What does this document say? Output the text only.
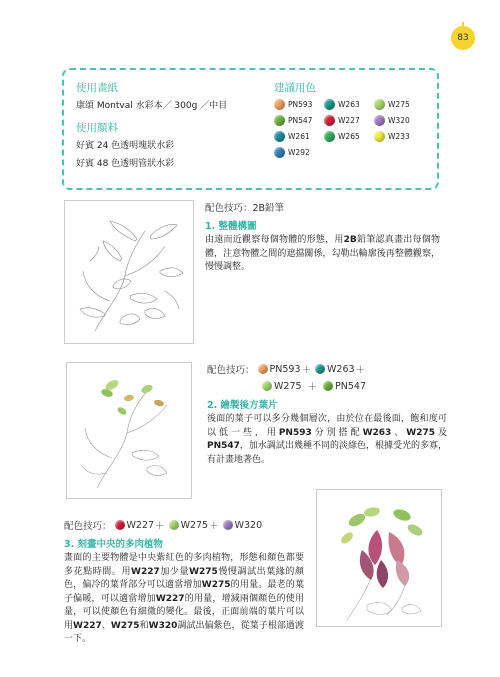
83
使用畫紙
康頌 Montval 水彩本／ 300g ／中目
使用顏料
好賓 24 色透明塊狀水彩
好賓 48 色透明管狀水彩
建議用色
PN593	W263	W275
PN547	W227	W320
W261	W265	W233
W292
配色技巧：2B鉛筆
1. 整體構圖
由遠而近觀察每個物體的形態，用2B鉛筆認真畫出每個物體，注意物體之間的遮擋關係，勾勒出輪廓後再整體觀察，慢慢調整。
配色技巧： PN593 ＋ W263 ＋
W275 ＋ PN547
2. 繪製後方葉片
後面的葉子可以多分幾個層次，由於位在最後面，飽和度可以低一些，用PN593分別搭配W263、W275及PN547，加水調試出幾種不同的淡綠色，根據受光的多寡，有計畫地著色。
配色技巧： W227 ＋ W275 ＋ W320
3. 刻畫中央的多肉植物
畫面的主要物體是中央紫紅色的多肉植物，形態和顏色都要多花點時間。用W227加少量W275慢慢調試出葉緣的顏色，偏冷的葉背部分可以適當增加W275的用量。最老的葉子偏暖，可以適當增加W227的用量，增減兩個顏色的使用量，可以使顏色有細微的變化。最後，正面前端的葉片可以用W227、W275和W320調試出偏紫色，從葉子根部過渡一下。
